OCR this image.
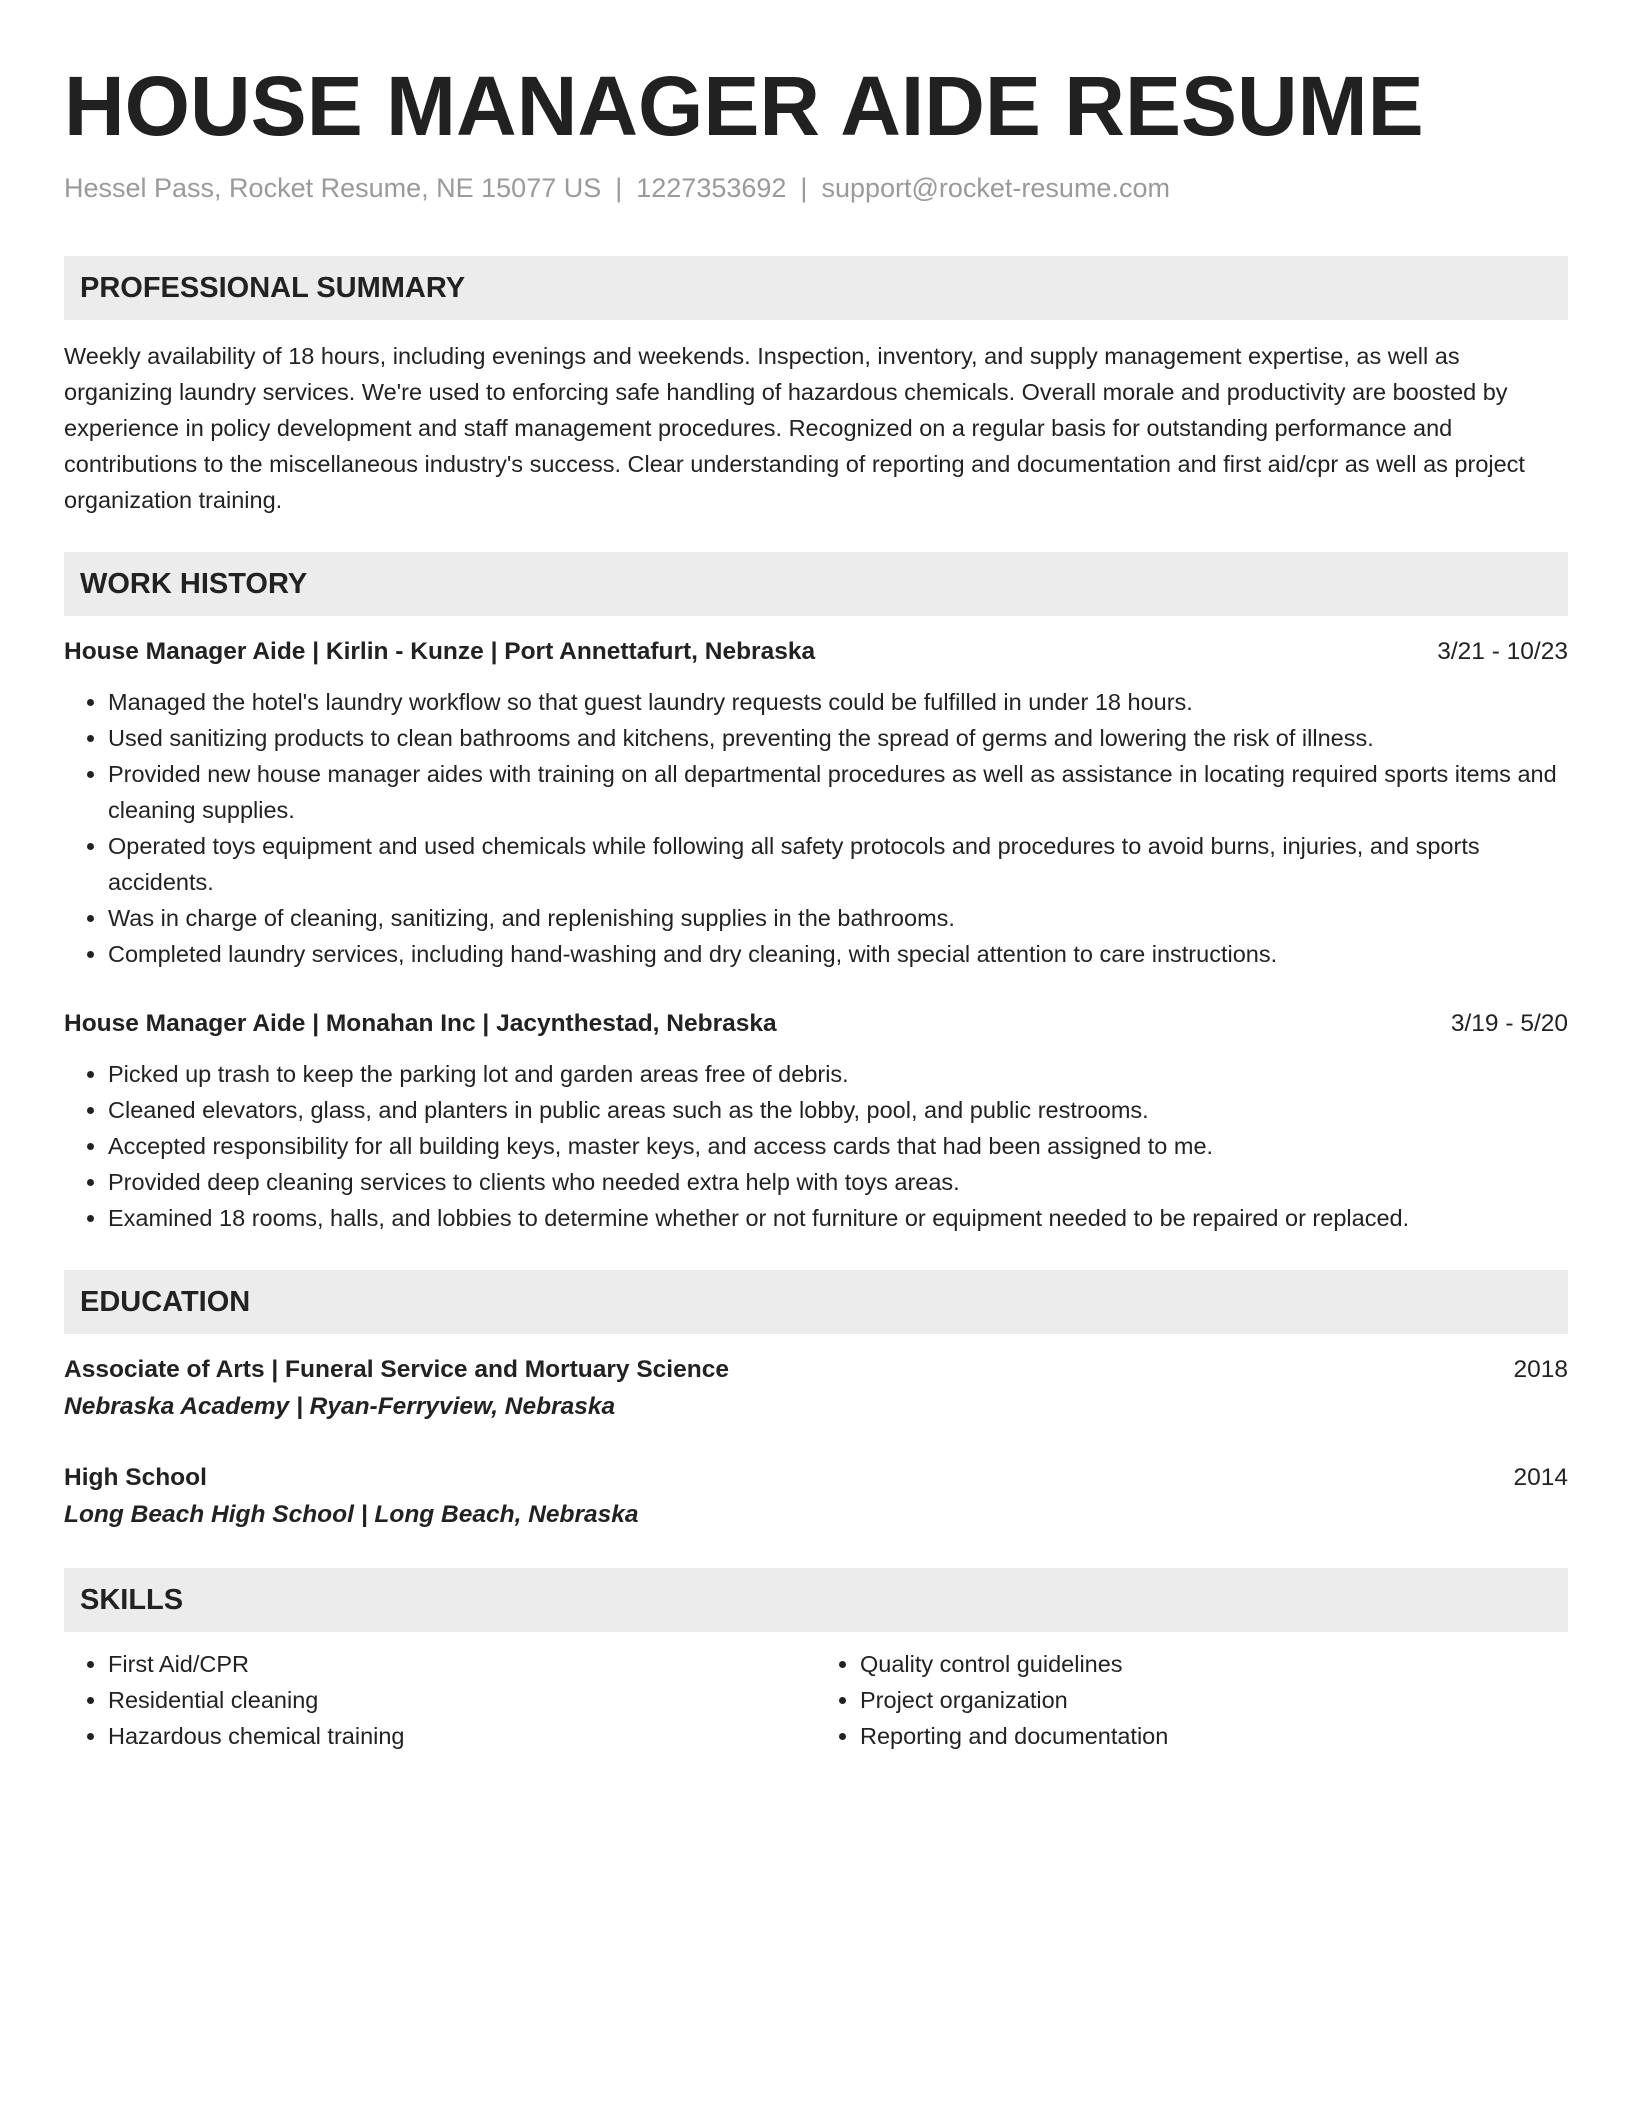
HOUSE MANAGER AIDE RESUME
Hessel Pass, Rocket Resume, NE 15077 US | 1227353692 | support@rocket-resume.com
PROFESSIONAL SUMMARY
Weekly availability of 18 hours, including evenings and weekends. Inspection, inventory, and supply management expertise, as well as organizing laundry services. We're used to enforcing safe handling of hazardous chemicals. Overall morale and productivity are boosted by experience in policy development and staff management procedures. Recognized on a regular basis for outstanding performance and contributions to the miscellaneous industry's success. Clear understanding of reporting and documentation and first aid/cpr as well as project organization training.
WORK HISTORY
House Manager Aide | Kirlin - Kunze | Port Annettafurt, Nebraska	3/21 - 10/23
• Managed the hotel's laundry workflow so that guest laundry requests could be fulfilled in under 18 hours.
• Used sanitizing products to clean bathrooms and kitchens, preventing the spread of germs and lowering the risk of illness.
• Provided new house manager aides with training on all departmental procedures as well as assistance in locating required sports items and cleaning supplies.
• Operated toys equipment and used chemicals while following all safety protocols and procedures to avoid burns, injuries, and sports accidents.
• Was in charge of cleaning, sanitizing, and replenishing supplies in the bathrooms.
• Completed laundry services, including hand-washing and dry cleaning, with special attention to care instructions.
House Manager Aide | Monahan Inc | Jacynthestad, Nebraska	3/19 - 5/20
• Picked up trash to keep the parking lot and garden areas free of debris.
• Cleaned elevators, glass, and planters in public areas such as the lobby, pool, and public restrooms.
• Accepted responsibility for all building keys, master keys, and access cards that had been assigned to me.
• Provided deep cleaning services to clients who needed extra help with toys areas.
• Examined 18 rooms, halls, and lobbies to determine whether or not furniture or equipment needed to be repaired or replaced.
EDUCATION
Associate of Arts | Funeral Service and Mortuary Science	2018
Nebraska Academy | Ryan-Ferryview, Nebraska
High School	2014
Long Beach High School | Long Beach, Nebraska
SKILLS
• First Aid/CPR
• Residential cleaning
• Hazardous chemical training
• Quality control guidelines
• Project organization
• Reporting and documentation
